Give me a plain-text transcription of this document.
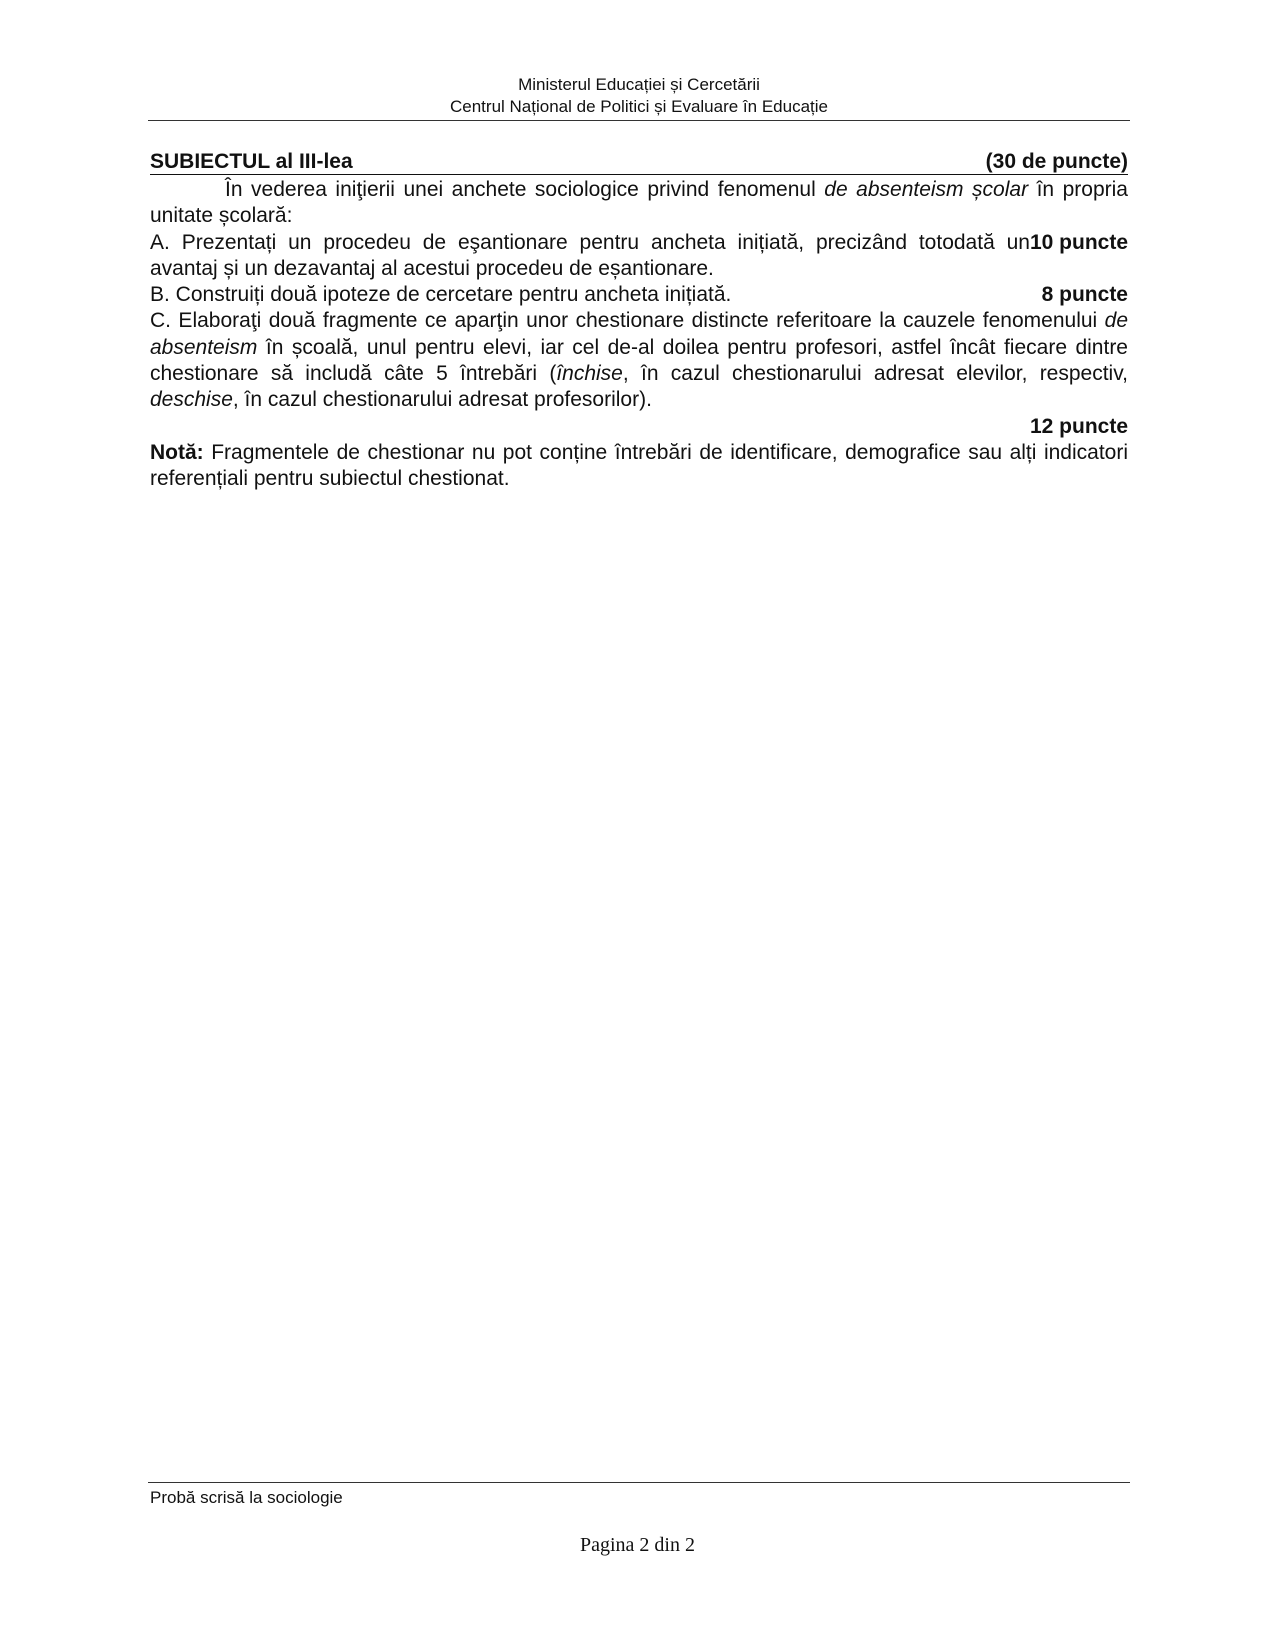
Ministerul Educației și Cercetării
Centrul Național de Politici și Evaluare în Educație
SUBIECTUL al III-lea	(30 de puncte)

În vederea iniţierii unei anchete sociologice privind fenomenul de absenteism școlar în propria unitate școlară:

A. Prezentați un procedeu de eşantionare pentru ancheta inițiată, precizând totodată un avantaj și un dezavantaj al acestui procedeu de eșantionare.

10 puncte
B. Construiți două ipoteze de cercetare pentru ancheta inițiată.	8 puncte

C. Elaboraţi două fragmente ce aparţin unor chestionare distincte referitoare la cauzele fenomenului de absenteism în școală, unul pentru elevi, iar cel de-al doilea pentru profesori, astfel încât fiecare dintre chestionare să includă câte 5 întrebări (închise, în cazul chestionarului adresat elevilor, respectiv, deschise, în cazul chestionarului adresat profesorilor).

12 puncte

Notă: Fragmentele de chestionar nu pot conține întrebări de identificare, demografice sau alți indicatori referențiali pentru subiectul chestionat.

Probă scrisă la sociologie
Pagina 2 din 2
